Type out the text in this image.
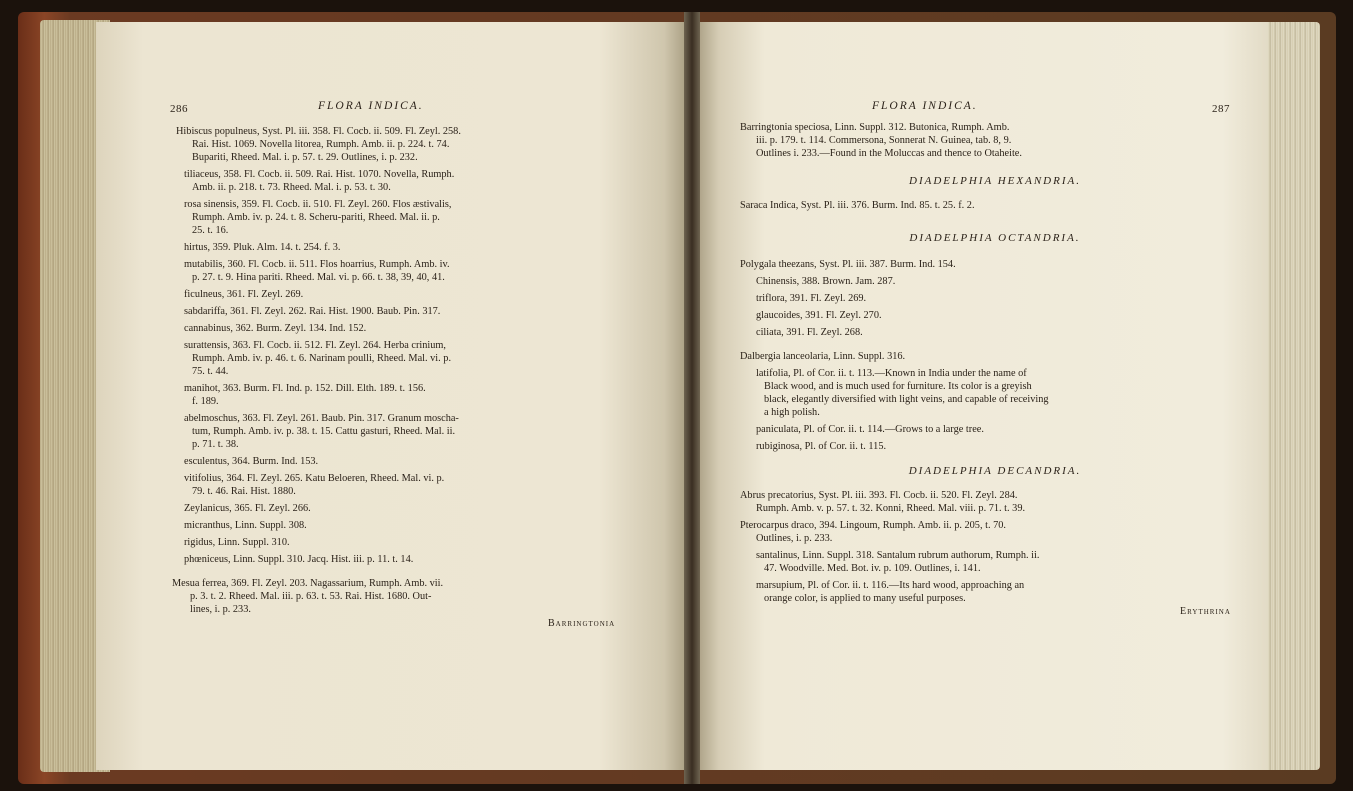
286	FLORA INDICA.
Hibiscus populneus, Syst. Pl. iii. 358. Fl. Cocb. ii. 509. Fl. Zeyl. 258.
Rai. Hist. 1069. Novella litorea, Rumph. Amb. ii. p. 224. t. 74.
Bupariti, Rheed. Mal. i. p. 57. t. 29. Outlines, i. p. 232.
tiliaceus, 358. Fl. Cocb. ii. 509. Rai. Hist. 1070. Novella, Rumph.
Amb. ii. p. 218. t. 73. Rheed. Mal. i. p. 53. t. 30.
rosa sinensis, 359. Fl. Cocb. ii. 510. Fl. Zeyl. 260. Flos æstivalis,
Rumph. Amb. iv. p. 24. t. 8. Scheru-pariti, Rheed. Mal. ii. p.
25. t. 16.
hirtus, 359. Pluk. Alm. 14. t. 254. f. 3.
mutabilis, 360. Fl. Cocb. ii. 511. Flos hoarrius, Rumph. Amb. iv.
p. 27. t. 9. Hina pariti. Rheed. Mal. vi. p. 66. t. 38, 39, 40, 41.
ficulneus, 361. Fl. Zeyl. 269.
sabdariffa, 361. Fl. Zeyl. 262. Rai. Hist. 1900. Baub. Pin. 317.
cannabinus, 362. Burm. Zeyl. 134. Ind. 152.
surattensis, 363. Fl. Cocb. ii. 512. Fl. Zeyl. 264. Herba crinium,
Rumph. Amb. iv. p. 46. t. 6. Narinam poulli, Rheed. Mal. vi. p.
75. t. 44.
manihot, 363. Burm. Fl. Ind. p. 152. Dill. Elth. 189. t. 156.
f. 189.
abelmoschus, 363. Fl. Zeyl. 261. Baub. Pin. 317. Granum moscha-
tum, Rumph. Amb. iv. p. 38. t. 15. Cattu gasturi, Rheed. Mal. ii.
p. 71. t. 38.
esculentus, 364. Burm. Ind. 153.
vitifolius, 364. Fl. Zeyl. 265. Katu Beloeren, Rheed. Mal. vi. p.
79. t. 46. Rai. Hist. 1880.
Zeylanicus, 365. Fl. Zeyl. 266.
micranthus, Linn. Suppl. 308.
rigidus, Linn. Suppl. 310.
phœniceus, Linn. Suppl. 310. Jacq. Hist. iii. p. 11. t. 14.
Mesua ferrea, 369. Fl. Zeyl. 203. Nagassarium, Rumph. Amb. vii.
p. 3. t. 2. Rheed. Mal. iii. p. 63. t. 53. Rai. Hist. 1680. Out-
lines, i. p. 233.
Barringtonia
FLORA INDICA.	287
Barringtonia speciosa, Linn. Suppl. 312. Butonica, Rumph. Amb.
iii. p. 179. t. 114. Commersona, Sonnerat N. Guinea, tab. 8, 9.
Outlines i. 233.—Found in the Moluccas and thence to Otaheite.
DIADELPHIA HEXANDRIA.
Saraca Indica, Syst. Pl. iii. 376. Burm. Ind. 85. t. 25. f. 2.
DIADELPHIA OCTANDRIA.
Polygala theezans, Syst. Pl. iii. 387. Burm. Ind. 154.
Chinensis, 388. Brown. Jam. 287.
triflora, 391. Fl. Zeyl. 269.
glaucoides, 391. Fl. Zeyl. 270.
ciliata, 391. Fl. Zeyl. 268.
Dalbergia lanceolaria, Linn. Suppl. 316.
latifolia, Pl. of Cor. ii. t. 113.—Known in India under the name of
Black wood, and is much used for furniture. Its color is a greyish
black, elegantly diversified with light veins, and capable of receiving
a high polish.
paniculata, Pl. of Cor. ii. t. 114.—Grows to a large tree.
rubiginosa, Pl. of Cor. ii. t. 115.
DIADELPHIA DECANDRIA.
Abrus precatorius, Syst. Pl. iii. 393. Fl. Cocb. ii. 520. Fl. Zeyl. 284.
Rumph. Amb. v. p. 57. t. 32. Konni, Rheed. Mal. viii. p. 71. t. 39.
Pterocarpus draco, 394. Lingoum, Rumph. Amb. ii. p. 205, t. 70.
Outlines, i. p. 233.
santalinus, Linn. Suppl. 318. Santalum rubrum authorum, Rumph. ii.
47. Woodville. Med. Bot. iv. p. 109. Outlines, i. 141.
marsupium, Pl. of Cor. ii. t. 116.—Its hard wood, approaching an
orange color, is applied to many useful purposes.
Erythrina
